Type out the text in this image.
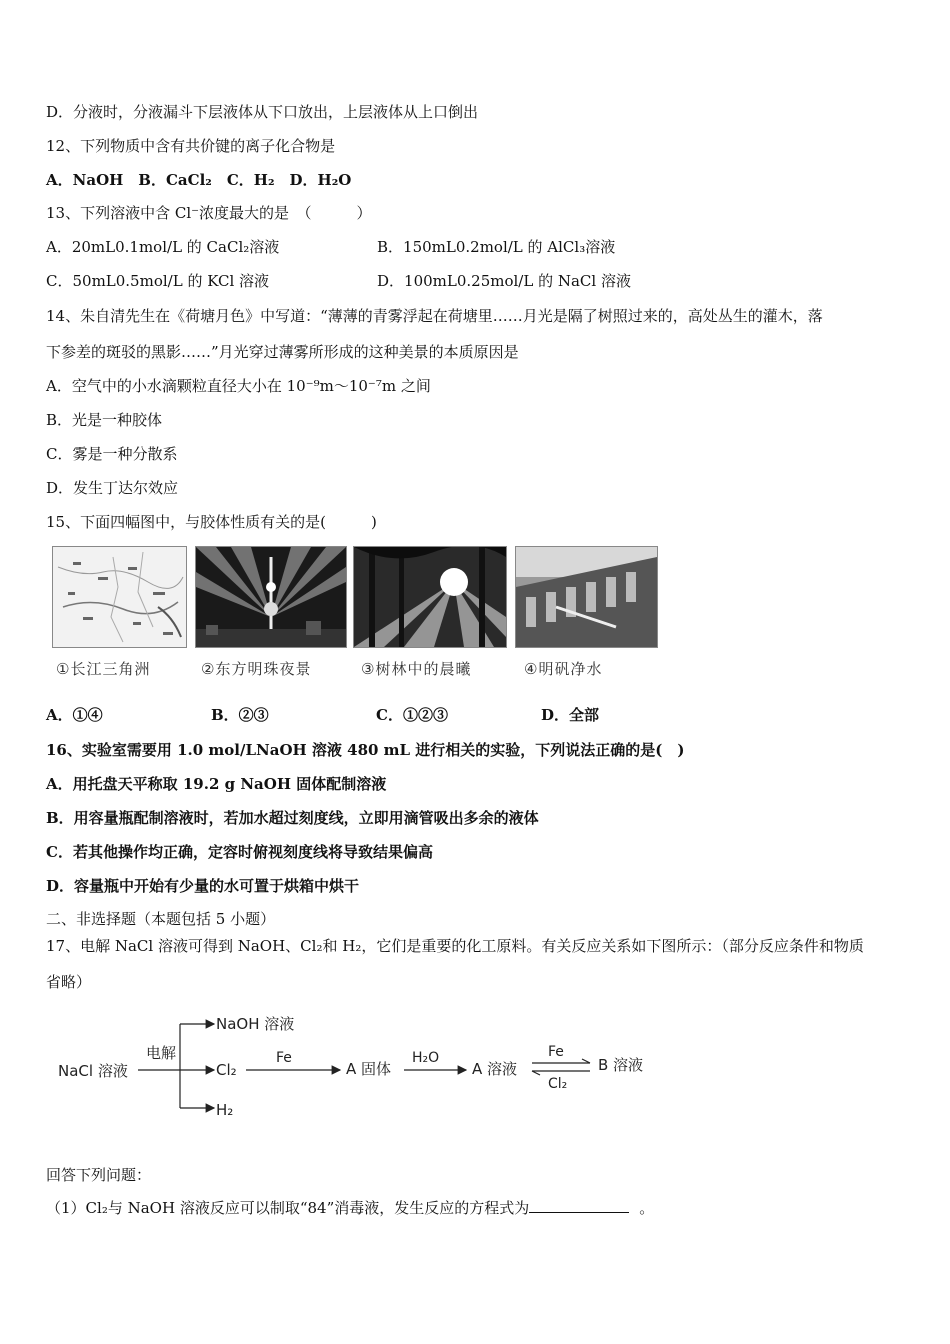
D．分液时，分液漏斗下层液体从下口放出，上层液体从上口倒出
12、下列物质中含有共价键的离子化合物是
A．NaOH　B．CaCl₂　C．H₂　D．H₂O
13、下列溶液中含 Cl⁻浓度最大的是　（　　　）
A．20mL0.1mol/L 的 CaCl₂溶液	B．150mL0.2mol/L 的 AlCl₃溶液
C．50mL0.5mol/L 的 KCl 溶液	D．100mL0.25mol/L 的 NaCl 溶液
14、朱自清先生在《荷塘月色》中写道：“薄薄的青雾浮起在荷塘里……月光是隔了树照过来的，高处丛生的灌木，落
下参差的斑驳的黑影……”月光穿过薄雾所形成的这种美景的本质原因是
A．空气中的小水滴颗粒直径大小在 10⁻⁹m～10⁻⁷m 之间
B．光是一种胶体
C．雾是一种分散系
D．发生丁达尔效应
15、下面四幅图中，与胶体性质有关的是(　　　)
①长江三角洲	②东方明珠夜景	③树林中的晨曦	④明矾净水
A．①④	B．②③	C．①②③	D．全部
16、实验室需要用 1.0 mol/LNaOH 溶液 480 mL 进行相关的实验，下列说法正确的是(　)
A．用托盘天平称取 19.2 g NaOH 固体配制溶液
B．用容量瓶配制溶液时，若加水超过刻度线，立即用滴管吸出多余的液体
C．若其他操作均正确，定容时俯视刻度线将导致结果偏高
D．容量瓶中开始有少量的水可置于烘箱中烘干
二、非选择题（本题包括 5 小题）
17、电解 NaCl 溶液可得到 NaOH、Cl₂和 H₂，它们是重要的化工原料。有关反应关系如下图所示：（部分反应条件和物质
省略）
NaCl 溶液
电解
NaOH 溶液
Cl₂
H₂
Fe
A 固体
H₂O
A 溶液
Fe
Cl₂
B 溶液
回答下列问题：
（1）Cl₂与 NaOH 溶液反应可以制取“84”消毒液，发生反应的方程式为	。
